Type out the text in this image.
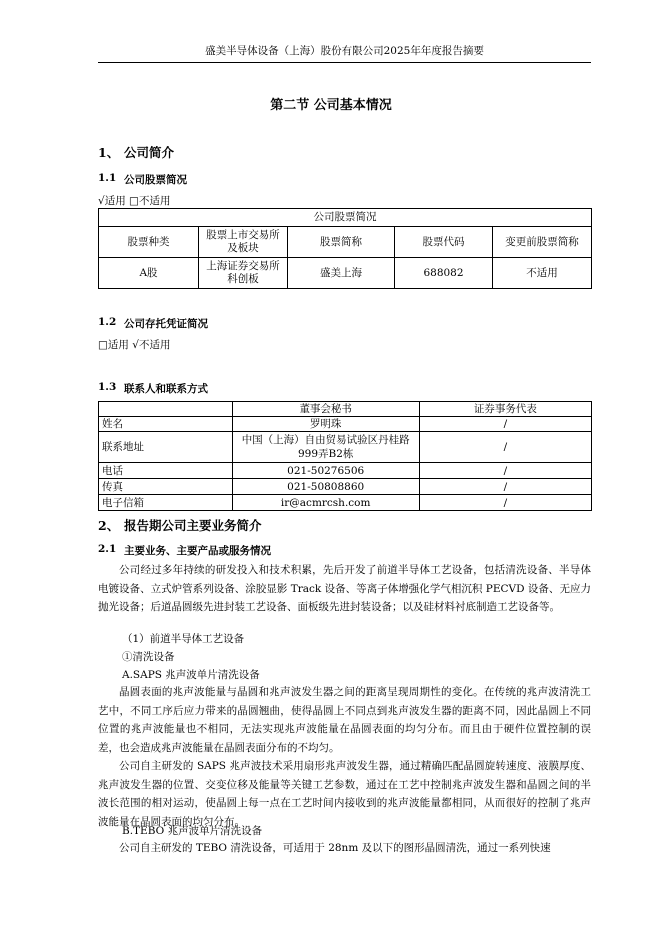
盛美半导体设备（上海）股份有限公司2025年年度报告摘要
第二节 公司基本情况
1、 公司简介
1.1 公司股票简况
√适用 □不适用
公司股票简况				
股票种类	股票上市交易所及板块	股票简称	股票代码	变更前股票简称
A股	上海证券交易所科创板	盛美上海	688082	不适用
1.2 公司存托凭证简况
□适用 √不适用
1.3 联系人和联系方式
	董事会秘书	证券事务代表
姓名	罗明珠	/
联系地址	中国（上海）自由贸易试验区丹桂路999弄B2栋	/
电话	021-50276506	/
传真	021-50808860	/
电子信箱	ir@acmrcsh.com	/
2、 报告期公司主要业务简介
2.1 主要业务、主要产品或服务情况
公司经过多年持续的研发投入和技术积累，先后开发了前道半导体工艺设备，包括清洗设备、半导体电镀设备、立式炉管系列设备、涂胶显影 Track 设备、等离子体增强化学气相沉积 PECVD 设备、无应力抛光设备；后道晶圆级先进封装工艺设备、面板级先进封装设备；以及硅材料衬底制造工艺设备等。
（1）前道半导体工艺设备
①清洗设备
A.SAPS 兆声波单片清洗设备
晶圆表面的兆声波能量与晶圆和兆声波发生器之间的距离呈现周期性的变化。在传统的兆声波清洗工艺中，不同工序后应力带来的晶圆翘曲，使得晶圆上不同点到兆声波发生器的距离不同，因此晶圆上不同位置的兆声波能量也不相同，无法实现兆声波能量在晶圆表面的均匀分布。而且由于硬件位置控制的误差，也会造成兆声波能量在晶圆表面分布的不均匀。
公司自主研发的 SAPS 兆声波技术采用扇形兆声波发生器，通过精确匹配晶圆旋转速度、液膜厚度、兆声波发生器的位置、交变位移及能量等关键工艺参数，通过在工艺中控制兆声波发生器和晶圆之间的半波长范围的相对运动，使晶圆上每一点在工艺时间内接收到的兆声波能量都相同，从而很好的控制了兆声波能量在晶圆表面的均匀分布。
B.TEBO 兆声波单片清洗设备
公司自主研发的 TEBO 清洗设备，可适用于 28nm 及以下的图形晶圆清洗，通过一系列快速
